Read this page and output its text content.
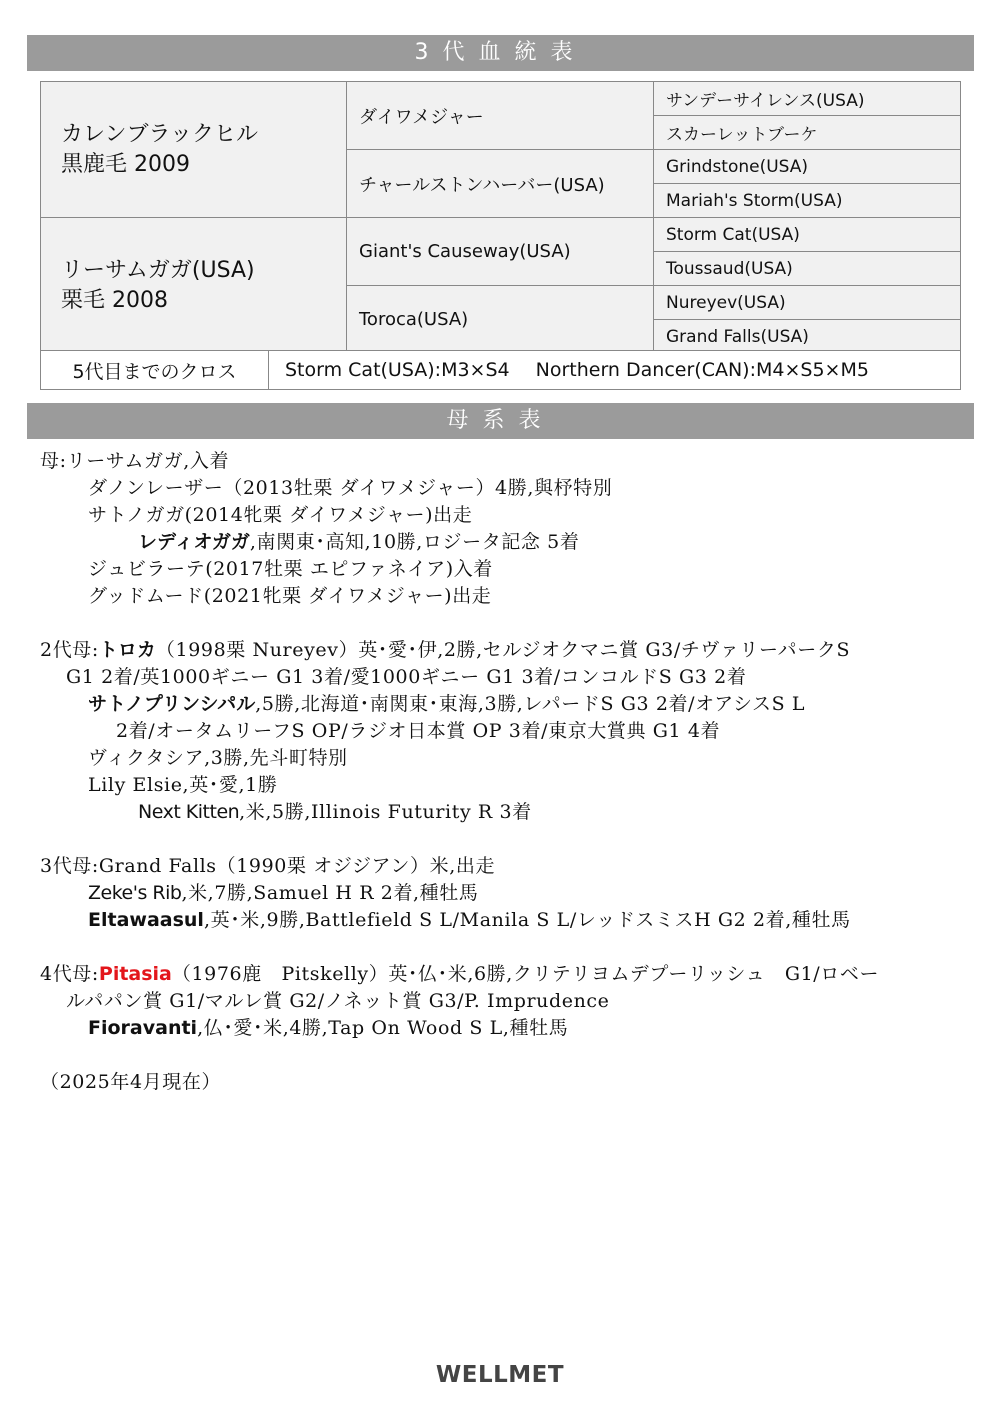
3代血統表
カレンブラックヒル
黒鹿毛 2009	ダイワメジャー	サンデーサイレンス(USA)
		スカーレットブーケ
	チャールストンハーバー(USA)	Grindstone(USA)
		Mariah's Storm(USA)

リーサムガガ(USA)
栗毛 2008	Giant's Causeway(USA)	Storm Cat(USA)
		Toussaud(USA)
	Toroca(USA)	Nureyev(USA)
		Grand Falls(USA)
5代目までのクロス	Storm Cat(USA):M3×S4 Northern Dancer(CAN):M4×S5×M5
母系表
母:リーサムガガ,入着
ダノンレーザー（2013牡栗 ダイワメジャー）4勝,與杼特別
サトノガガ(2014牝栗 ダイワメジャー)出走
レディオガガ,南関東･高知,10勝,ロジータ記念 5着
ジュビラーテ(2017牡栗 エピファネイア)入着
グッドムード(2021牝栗 ダイワメジャー)出走
2代母:トロカ（1998栗 Nureyev）英･愛･伊,2勝,セルジオクマニ賞 G3/チヴァリーパークS
G1 2着/英1000ギニー G1 3着/愛1000ギニー G1 3着/コンコルドS G3 2着
サトノプリンシパル,5勝,北海道･南関東･東海,3勝,レパードS G3 2着/オアシスS L
2着/オータムリーフS OP/ラジオ日本賞 OP 3着/東京大賞典 G1 4着
ヴィクタシア,3勝,先斗町特別
Lily Elsie,英･愛,1勝
Next Kitten,米,5勝,Illinois Futurity R 3着
3代母:Grand Falls（1990栗 オジジアン）米,出走
Zeke's Rib,米,7勝,Samuel H R 2着,種牡馬
Eltawaasul,英･米,9勝,Battlefield S L/Manila S L/レッドスミスH G2 2着,種牡馬
4代母:Pitasia（1976鹿　Pitskelly）英･仏･米,6勝,クリテリヨムデプーリッシュ　G1/ロベー
ルパパン賞 G1/マルレ賞 G2/ノネット賞 G3/P. Imprudence
Fioravanti,仏･愛･米,4勝,Tap On Wood S L,種牡馬
（2025年4月現在）
WELLMET
